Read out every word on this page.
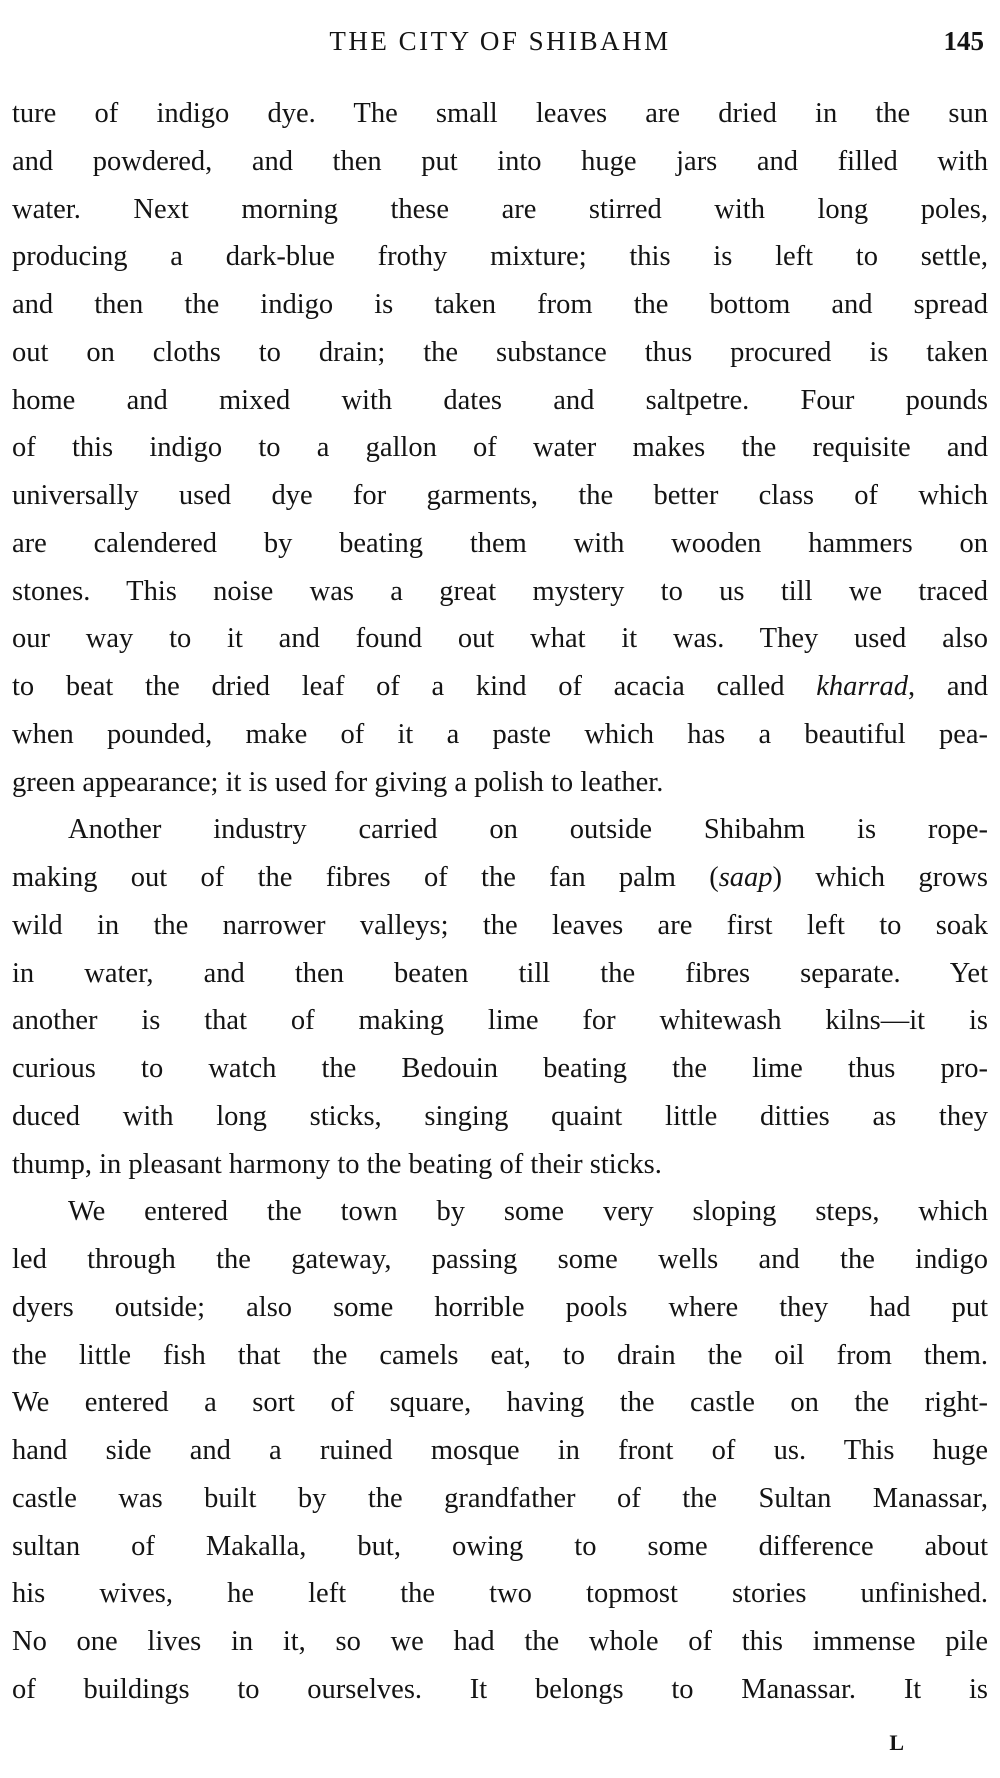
THE CITY OF SHIBAHM	145
ture of indigo dye. The small leaves are dried in the sun
and powdered, and then put into huge jars and filled with
water. Next morning these are stirred with long poles,
producing a dark-blue frothy mixture; this is left to settle,
and then the indigo is taken from the bottom and spread
out on cloths to drain; the substance thus procured is taken
home and mixed with dates and saltpetre. Four pounds
of this indigo to a gallon of water makes the requisite and
universally used dye for garments, the better class of which
are calendered by beating them with wooden hammers on
stones. This noise was a great mystery to us till we traced
our way to it and found out what it was. They used also
to beat the dried leaf of a kind of acacia called kharrad, and
when pounded, make of it a paste which has a beautiful pea-
green appearance; it is used for giving a polish to leather.
Another industry carried on outside Shibahm is rope-
making out of the fibres of the fan palm (saap) which grows
wild in the narrower valleys; the leaves are first left to soak
in water, and then beaten till the fibres separate. Yet
another is that of making lime for whitewash kilns—it is
curious to watch the Bedouin beating the lime thus pro-
duced with long sticks, singing quaint little ditties as they
thump, in pleasant harmony to the beating of their sticks.
We entered the town by some very sloping steps, which
led through the gateway, passing some wells and the indigo
dyers outside; also some horrible pools where they had put
the little fish that the camels eat, to drain the oil from them.
We entered a sort of square, having the castle on the right-
hand side and a ruined mosque in front of us. This huge
castle was built by the grandfather of the Sultan Manassar,
sultan of Makalla, but, owing to some difference about
his wives, he left the two topmost stories unfinished.
No one lives in it, so we had the whole of this immense pile
of buildings to ourselves. It belongs to Manassar. It is
L
